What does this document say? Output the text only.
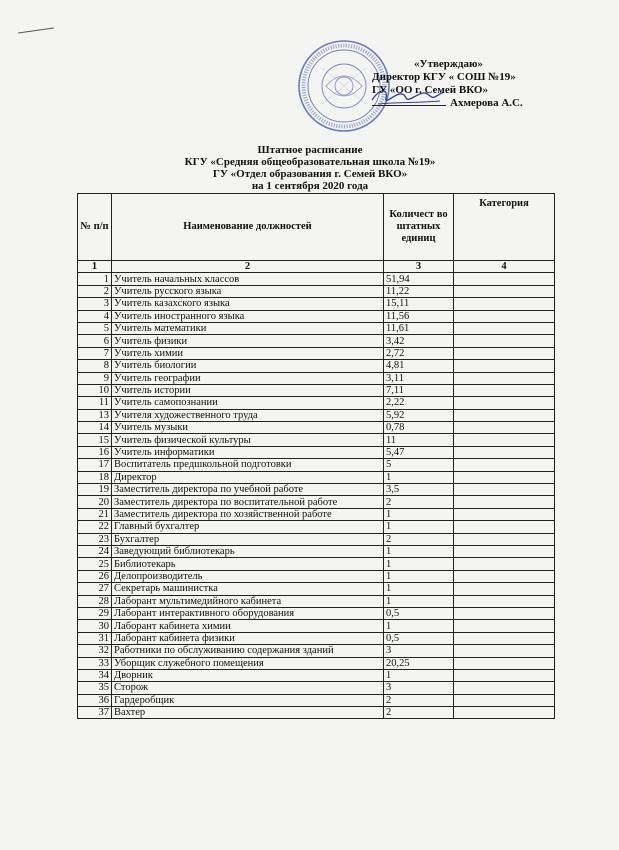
«Утверждаю»
Директор КГУ « СОШ №19»
ГУ «ОО г. Семей ВКО»
Ахмерова А.С.
Штатное расписание
КГУ «Средняя общеобразовательная школа №19»
ГУ «Отдел образования г. Семей ВКО»
на 1 сентября 2020 года
№ п/п	Наименование должностей	Количест во штатных единиц	Категория
1	2	3	4
1	Учитель начальных классов	51,94	
2	Учитель русского языка	11,22	
3	Учитель казахского языка	15,11	
4	Учитель иностранного языка	11,56	
5	Учитель математики	11,61	
6	Учитель физики	3,42	
7	Учитель химии	2,72	
8	Учитель биологии	4,81	
9	Учитель географии	3,11	
10	Учитель истории	7,11	
11	Учитель самопознании	2,22	
13	Учителя художественного труда	5,92	
14	Учитель музыки	0,78	
15	Учитель физической культуры	11	
16	Учитель информатики	5,47	
17	Воспитатель предшкольной подготовки	5	
18	Директор	1	
19	Заместитель директора по учебной работе	3,5	
20	Заместитель директора по воспитательной работе	2	
21	Заместитель директора по хозяйственной работе	1	
22	Главный бухгалтер	1	
23	Бухгалтер	2	
24	Заведующий библиотекарь	1	
25	Библиотекарь	1	
26	Делопроизводитель	1	
27	Секретарь машинистка	1	
28	Лаборант мультимедийного кабинета	1	
29	Лаборант интерактивного оборудования	0,5	
30	Лаборант кабинета химии	1	
31	Лаборант кабинета физики	0,5	
32	Работники по обслуживанию содержания зданий	3	
33	Уборщик служебного помещения	20,25	
34	Дворник	1	
35	Сторож	3	
36	Гардеробщик	2	
37	Вахтер	2	
